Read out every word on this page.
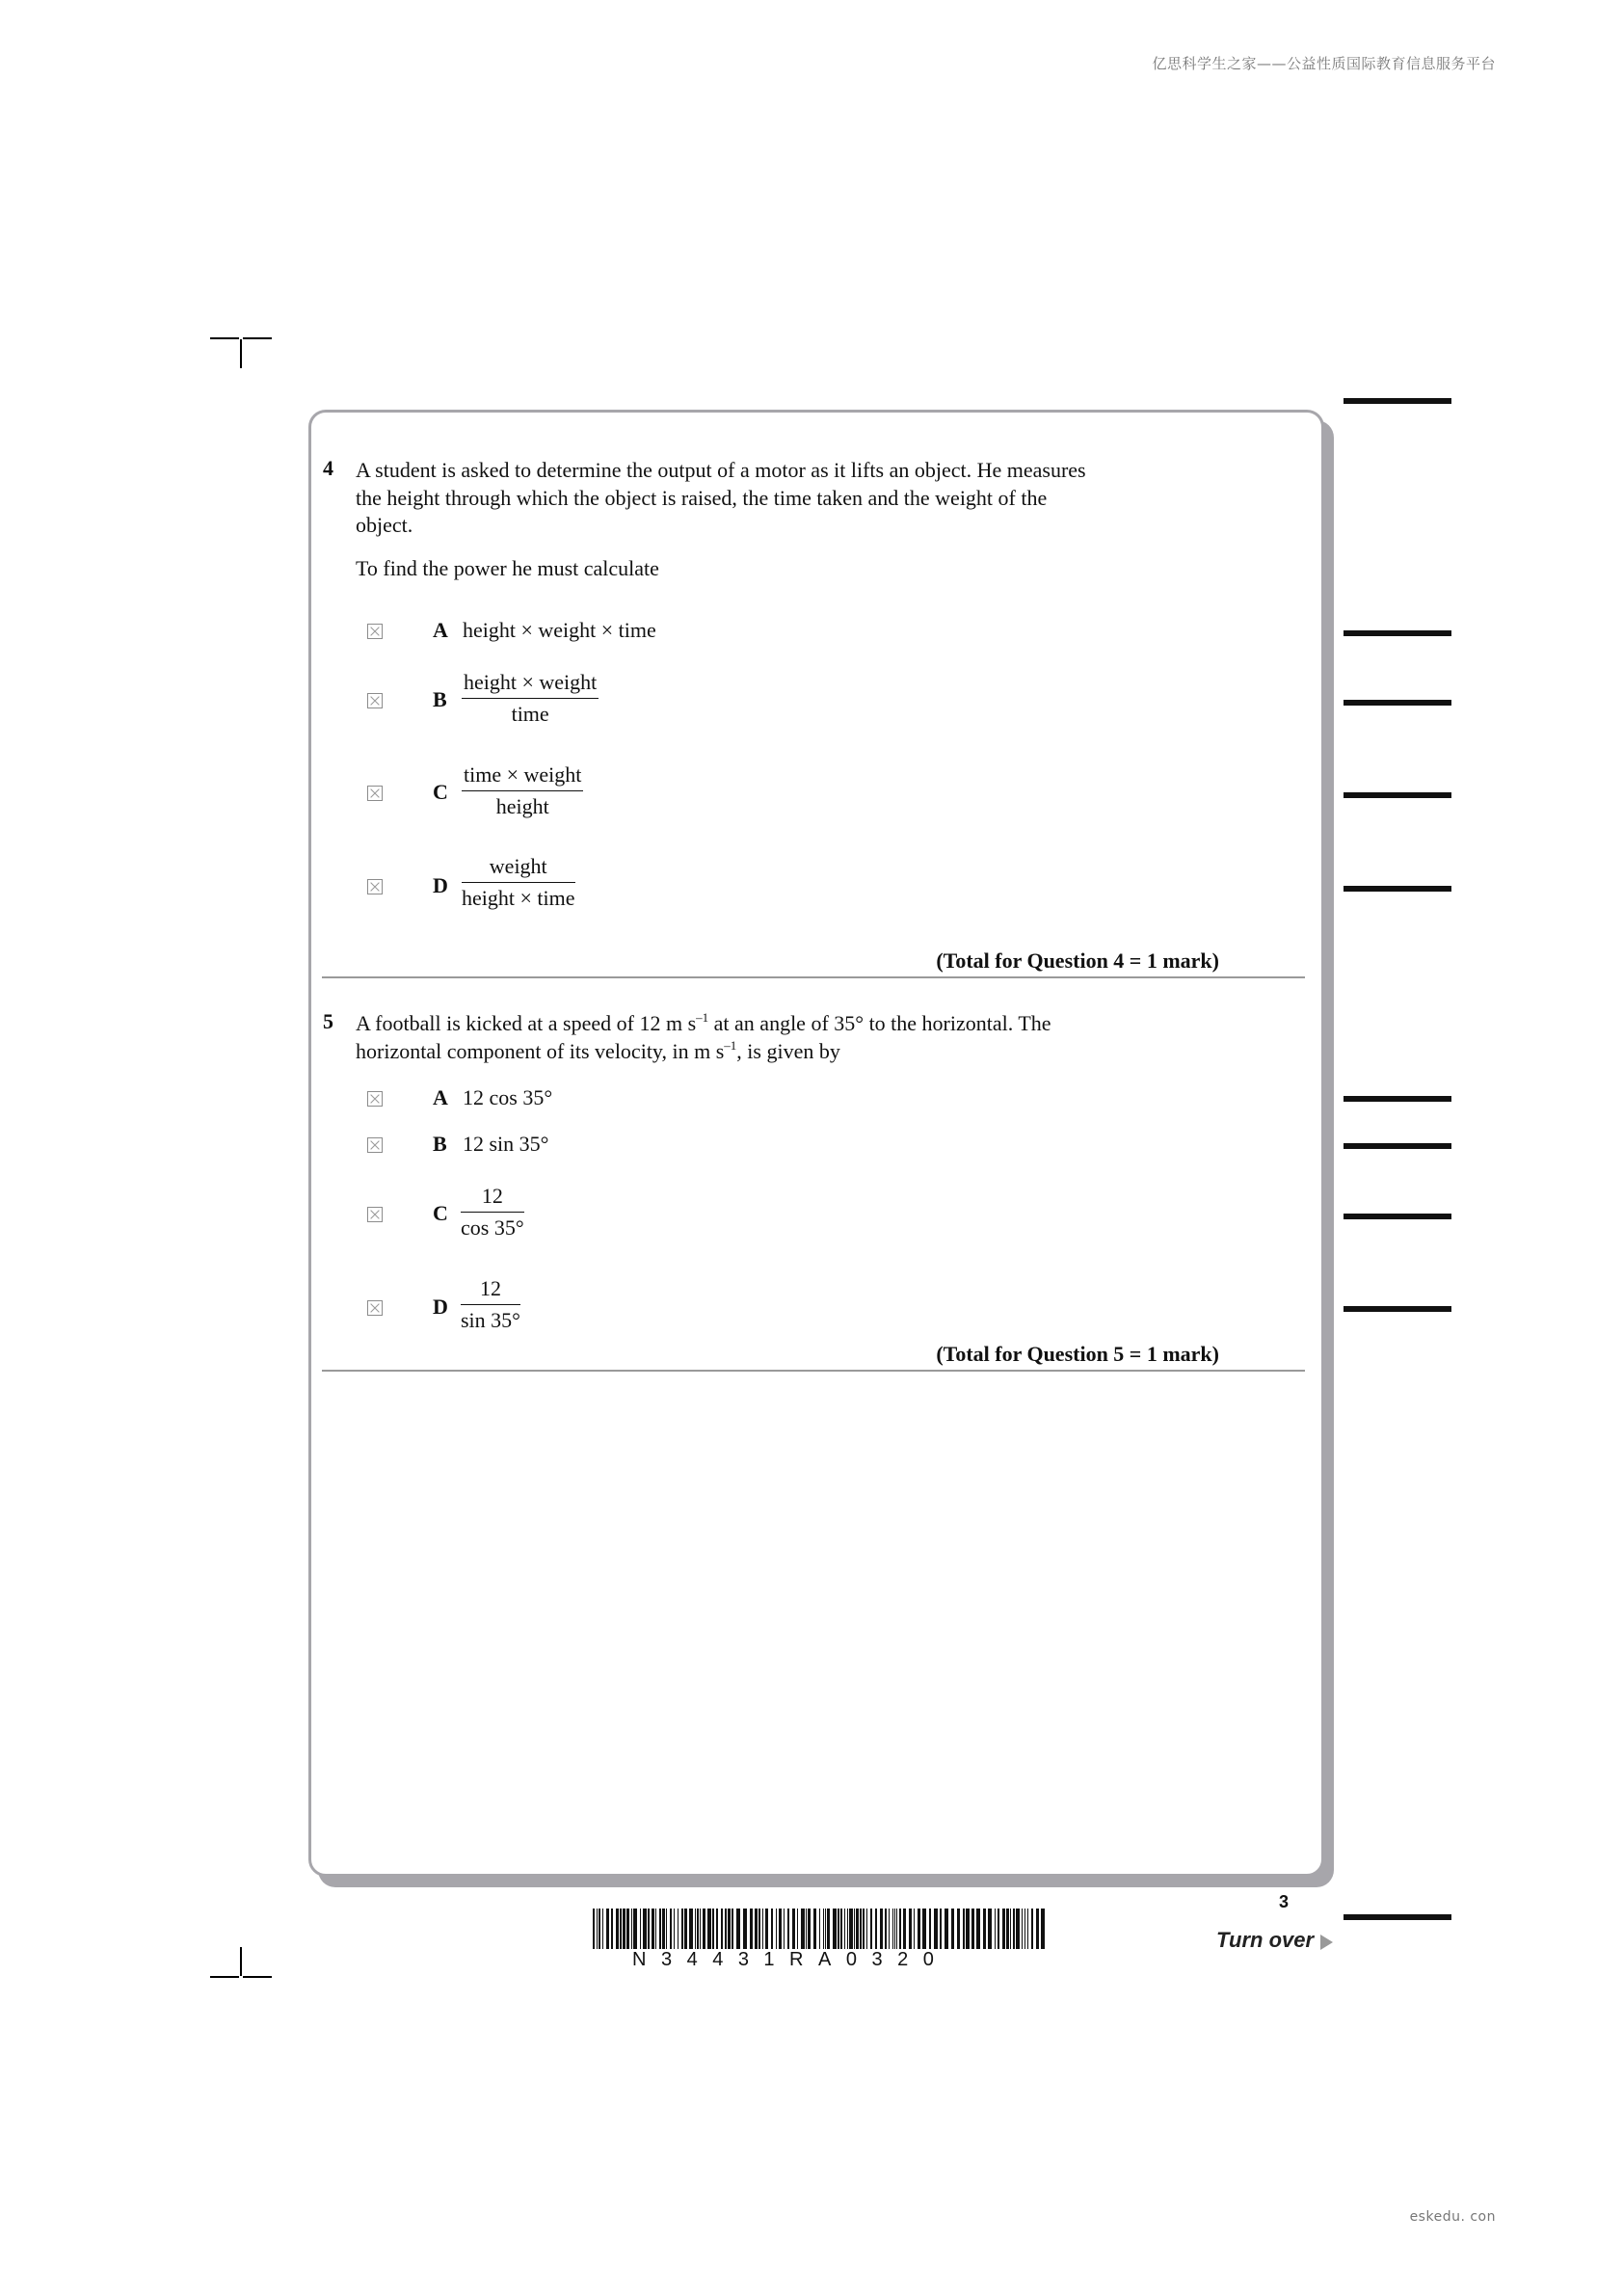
亿思科学生之家——公益性质国际教育信息服务平台
eskedu. con
4 A student is asked to determine the output of a motor as it lifts an object. He measures
the height through which the object is raised, the time taken and the weight of the
object.
To find the power he must calculate
A height × weight × time
B
height × weight
time
C
time × weight
height
D
weight
height × time
(Total for Question 4 = 1 mark)
5 A football is kicked at a speed of 12 m $s^{-1}$ at an angle of 35° to the horizontal. The
horizontal component of its velocity, in m $s^{-1}$, is given by
A 12 cos 35°
B 12 sin 35°
C $\frac{12}{\cos 35^\circ}$
D $\frac{12}{\sin 35^\circ}$
(Total for Question 5 = 1 mark)
3
Turn over
N34431RA0320
